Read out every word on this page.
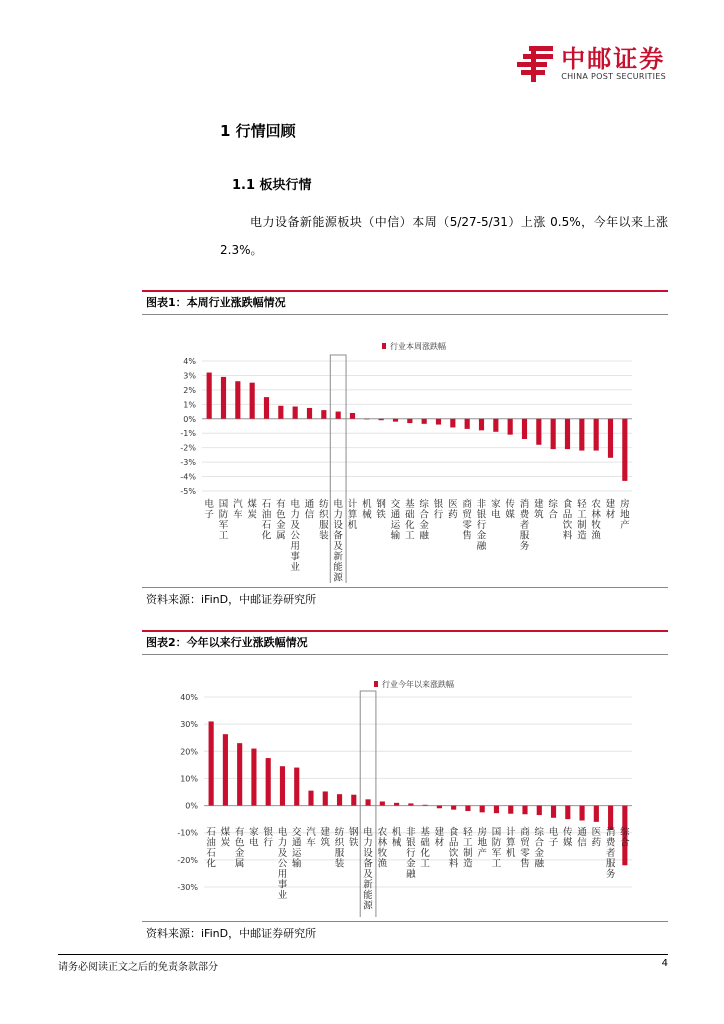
中邮证券
CHINA POST SECURITIES
1 行情回顾
1.1 板块行情
电力设备新能源板块（中信）本周（5/27-5/31）上涨 0.5%，今年以来上涨 2.3%。
图表1：本周行业涨跌幅情况
4%
3%
2%
1%
0%
-1%
-2%
-3%
-4%
-5%
行业本周涨跌幅
电子
国防军工
汽车
煤炭
石油石化
有色金属
电力及公用事业
通信
纺织服装
电力设备及新能源
计算机
机械
钢铁
交通运输
基础化工
综合金融
银行
医药
商贸零售
非银行金融
家电
传媒
消费者服务
建筑
综合
食品饮料
轻工制造
农林牧渔
建材
房地产
资料来源：iFinD，中邮证券研究所
图表2：今年以来行业涨跌幅情况
40%
30%
20%
10%
0%
-10%
-20%
-30%
行业今年以来涨跌幅
石油石化
煤炭
有色金属
家电
银行
电力及公用事业
交通运输
汽车
建筑
纺织服装
钢铁
电力设备及新能源
农林牧渔
机械
非银行金融
基础化工
建材
食品饮料
轻工制造
房地产
国防军工
计算机
商贸零售
综合金融
电子
传媒
通信
医药
消费者服务
综合
资料来源：iFinD，中邮证券研究所
请务必阅读正文之后的免责条款部分	4
